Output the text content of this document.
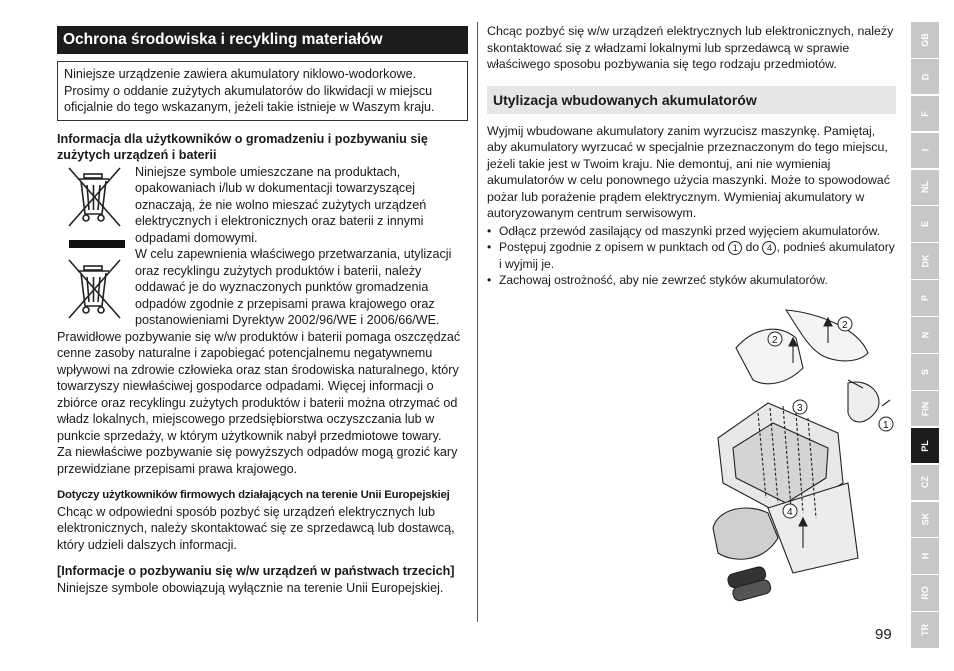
Ochrona środowiska i recykling materiałów

Niniejsze urządzenie zawiera akumulatory niklowo-wodorkowe. Prosimy o oddanie zużytych akumulatorów do likwidacji w miejscu oficjalnie do tego wskazanym, jeżeli takie istnieje w Waszym kraju.

Informacja dla użytkowników o gromadzeniu i pozbywaniu się zużytych urządzeń i baterii

Niniejsze symbole umieszczane na produktach, opakowaniach i/lub w dokumentacji towarzyszącej oznaczają, że nie wolno mieszać zużytych urządzeń elektrycznych i elektronicznych oraz baterii z innymi odpadami domowymi.

W celu zapewnienia właściwego przetwarzania, utylizacji oraz recyklingu zużytych produktów i baterii, należy oddawać je do wyznaczonych punktów gromadzenia odpadów zgodnie z przepisami prawa krajowego oraz postanowieniami Dyrektyw 2002/96/WE i 2006/66/WE.

Prawidłowe pozbywanie się w/w produktów i baterii pomaga oszczędzać cenne zasoby naturalne i zapobiegać potencjalnemu negatywnemu wpływowi na zdrowie człowieka oraz stan środowiska naturalnego, który towarzyszy niewłaściwej gospodarce odpadami. Więcej informacji o zbiórce oraz recyklingu zużytych produktów i baterii można otrzymać od władz lokalnych, miejscowego przedsiębiorstwa oczyszczania lub w punkcie sprzedaży, w którym użytkownik nabył przedmiotowe towary.

Za niewłaściwe pozbywanie się powyższych odpadów mogą grozić kary przewidziane przepisami prawa krajowego.

Dotyczy użytkowników firmowych działających na terenie Unii Europejskiej

Chcąc w odpowiedni sposób pozbyć się urządzeń elektrycznych lub elektronicznych, należy skontaktować się ze sprzedawcą lub dostawcą, który udzieli dalszych informacji.

[Informacje o pozbywaniu się w/w urządzeń w państwach trzecich]

Niniejsze symbole obowiązują wyłącznie na terenie Unii Europejskiej.

Chcąc pozbyć się w/w urządzeń elektrycznych lub elektronicznych, należy skontaktować się z władzami lokalnymi lub sprzedawcą w sprawie właściwego sposobu pozbywania się tego rodzaju przedmiotów.

Utylizacja wbudowanych akumulatorów

Wyjmij wbudowane akumulatory zanim wyrzucisz maszynkę. Pamiętaj, aby akumulatory wyrzucać w specjalnie przeznaczonym do tego miejscu, jeżeli takie jest w Twoim kraju. Nie demontuj, ani nie wymieniaj akumulatorów w celu ponownego użycia maszynki. Może to spowodować pożar lub porażenie prądem elektrycznym. Wymieniaj akumulatory w autoryzowanym centrum serwisowym.

• Odłącz przewód zasilający od maszynki przed wyjęciem akumulatorów.
• Postępuj zgodnie z opisem w punktach od 1 do 4 , podnieś akumulatory i wyjmij je.
• Zachowaj ostrożność, aby nie zewrzeć styków akumulatorów.
2
2
3
1
4
GB
D
F
I
NL
E
DK
P
N
S
FIN
PL
CZ
SK
H
RO
TR
99
